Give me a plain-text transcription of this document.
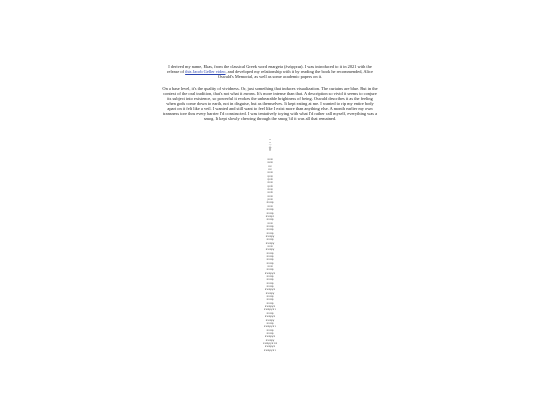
I derived my name, Ekas, from the classical Greek word enargeia (ἐνάργεια). I was introduced to it in 2021 with the release of this Jacob Geller video, and developed my relationship with it by reading the book he recommended, Alice Oswald's Memorial, as well as some academic papers on it.

On a base level, it's the quality of vividness. Or, just something that induces visualization. The curtains are blue. But in the context of the oral tradition, that's not what it means. It's more intense than that. A description so vivid it seems to conjure its subject into existence, so powerful it evokes the unbearable brightness of being. Oswald describes it as the feeling when gods come down to earth, not in disguise, but as themselves. It kept eating at me. I wanted to rip my entire body apart on it felt like a veil. I wanted and still want to feel like I exist more than anything else. A month earlier my own transness tore thru every barrier I'd constructed. I was tentatively toying with what I'd rather call myself, everything was a smog. It kept slowly chewing through the smog 'til it was all that remained.

—
—
三
目

ενα
εκα
εν
εν
ενα
ενα
ἐνά
ἐνα
ενά
ἐνα
ενά
ενα
ενα
ἐναρ
ενα
εναρ
εναρ
εναρι
εναρ
ενα
εναρ
εναρ
εναρ
εναργ
εναρ
εναργ
ενα
εναργ
εναρ
εναρ
εναρ
εναρ
ενα
εναρ
εναργε
εναρ
εναρ
εναρ
εναρ
εναργε
εναργ
εναρ
εναρ
εναρ
εναργε
εναργει
εναρ
εναργε
εναργ
εναρ
εναργει
εναρ
εναρ
εναργε
εναργ
εναργεια
εναργε
εναργει
